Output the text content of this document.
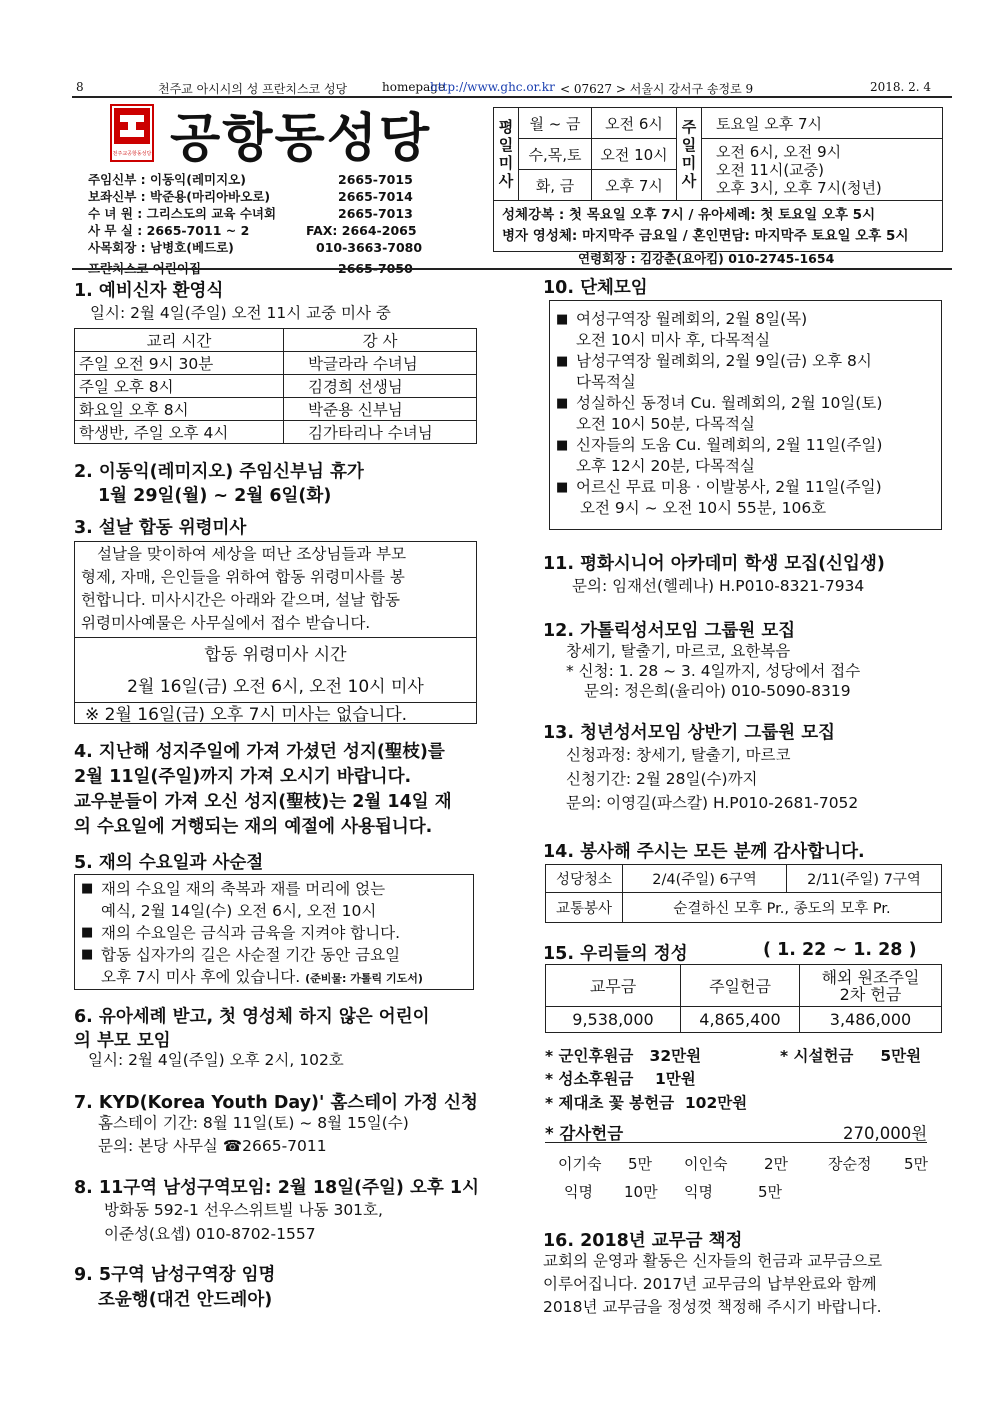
8	천주교 아시시의 성 프란치스코 성당	homepage
http://www.ghc.or.kr < 07627 > 서울시 강서구 송정로 9	2018. 2. 4
천주교공항동성당 공항동성당
주임신부 : 이동익(레미지오)	2665-7015
보좌신부 : 박준용(마리아바오로)	2665-7014
수 녀 원 : 그리스도의 교육 수녀회	2665-7013
사 무 실 : 2665-7011 ~ 2	FAX: 2664-2065
사목회장 : 남병호(베드로)	010-3663-7080
프란치스코 어린이집	2665-7050
연령회장 : 김강춘(요아킴) 010-2745-1654
평일미사	월 ~ 금	오전 6시	주일미사	토요일 오후 7시
	수,목,토	오전 10시		오전 6시, 오전 9시
오전 11시(교중)
오후 3시, 오후 7시(청년)

	화, 금	오후 7시		

성체강복 : 첫 목요일 오후 7시 / 유아세례: 첫 토요일 오후 5시
병자 영성체: 마지막주 금요일 / 혼인면담: 마지막주 토요일 오후 5시				
1. 예비신자 환영식
일시: 2월 4일(주일) 오전 11시 교중 미사 중
교리 시간	강 사
주일 오전 9시 30분	박글라라 수녀님
주일 오후 8시	김경희 선생님
화요일 오후 8시	박준용 신부님
학생반, 주일 오후 4시	김가타리나 수녀님
2. 이동익(레미지오) 주임신부님 휴가
1월 29일(월) ~ 2월 6일(화)
3. 설날 합동 위령미사
설날을 맞이하여 세상을 떠난 조상님들과 부모
형제, 자매, 은인들을 위하여 합동 위령미사를 봉
헌합니다. 미사시간은 아래와 같으며, 설날 합동
위령미사예물은 사무실에서 접수 받습니다.
합동 위령미사 시간
2월 16일(금) 오전 6시, 오전 10시 미사
※ 2월 16일(금) 오후 7시 미사는 없습니다.
4. 지난해 성지주일에 가져 가셨던 성지(聖枝)를
2월 11일(주일)까지 가져 오시기 바랍니다.
교우분들이 가져 오신 성지(聖枝)는 2월 14일 재
의 수요일에 거행되는 재의 예절에 사용됩니다.
5. 재의 수요일과 사순절
■ 재의 수요일 재의 축복과 재를 머리에 얹는
예식, 2월 14일(수) 오전 6시, 오전 10시
■ 재의 수요일은 금식과 금육을 지켜야 합니다.
■ 합동 십자가의 길은 사순절 기간 동안 금요일
오후 7시 미사 후에 있습니다. (준비물: 가톨릭 기도서)
6. 유아세례 받고, 첫 영성체 하지 않은 어린이
의 부모 모임
일시: 2월 4일(주일) 오후 2시, 102호
7. KYD(Korea Youth Day)' 홈스테이 가정 신청
홈스테이 기간: 8월 11일(토) ~ 8월 15일(수)
문의: 본당 사무실 ☎2665-7011
8. 11구역 남성구역모임: 2월 18일(주일) 오후 1시
방화동 592-1 선우스위트빌 나동 301호,
이준성(요셉) 010-8702-1557
9. 5구역 남성구역장 임명
조윤행(대건 안드레아)
10. 단체모임
■ 여성구역장 월례회의, 2월 8일(목)
오전 10시 미사 후, 다목적실
■ 남성구역장 월례회의, 2월 9일(금) 오후 8시
다목적실
■ 성실하신 동정녀 Cu. 월례회의, 2월 10일(토)
오전 10시 50분, 다목적실
■ 신자들의 도움 Cu. 월례회의, 2월 11일(주일)
오후 12시 20분, 다목적실
■ 어르신 무료 미용 · 이발봉사, 2월 11일(주일)
오전 9시 ~ 오전 10시 55분, 106호
11. 평화시니어 아카데미 학생 모집(신입생)
문의: 임재선(헬레나) H.P010-8321-7934
12. 가톨릭성서모임 그룹원 모집
창세기, 탈출기, 마르코, 요한복음
* 신청: 1. 28 ~ 3. 4일까지, 성당에서 접수
문의: 정은희(율리아) 010-5090-8319
13. 청년성서모임 상반기 그룹원 모집
신청과정: 창세기, 탈출기, 마르코
신청기간: 2월 28일(수)까지
문의: 이영길(파스칼) H.P010-2681-7052
14. 봉사해 주시는 모든 분께 감사합니다.
성당청소	2/4(주일) 6구역	2/11(주일) 7구역
교통봉사	순결하신 모후 Pr., 종도의 모후 Pr.	
15. 우리들의 정성	( 1. 22 ~ 1. 28 )
교무금	주일헌금	해외 원조주일
2차 헌금

9,538,000	4,865,400	3,486,000
* 군인후원금   32만원	* 시설헌금     5만원
* 성소후원금    1만원
* 제대초 꽃 봉헌금  102만원
* 감사헌금	270,000원
이기숙	5만	이인숙	2만	장순정	5만
익명	10만	익명	5만
16. 2018년 교무금 책정
교회의 운영과 활동은 신자들의 헌금과 교무금으로
이루어집니다. 2017년 교무금의 납부완료와 함께
2018년 교무금을 정성껏 책정해 주시기 바랍니다.
